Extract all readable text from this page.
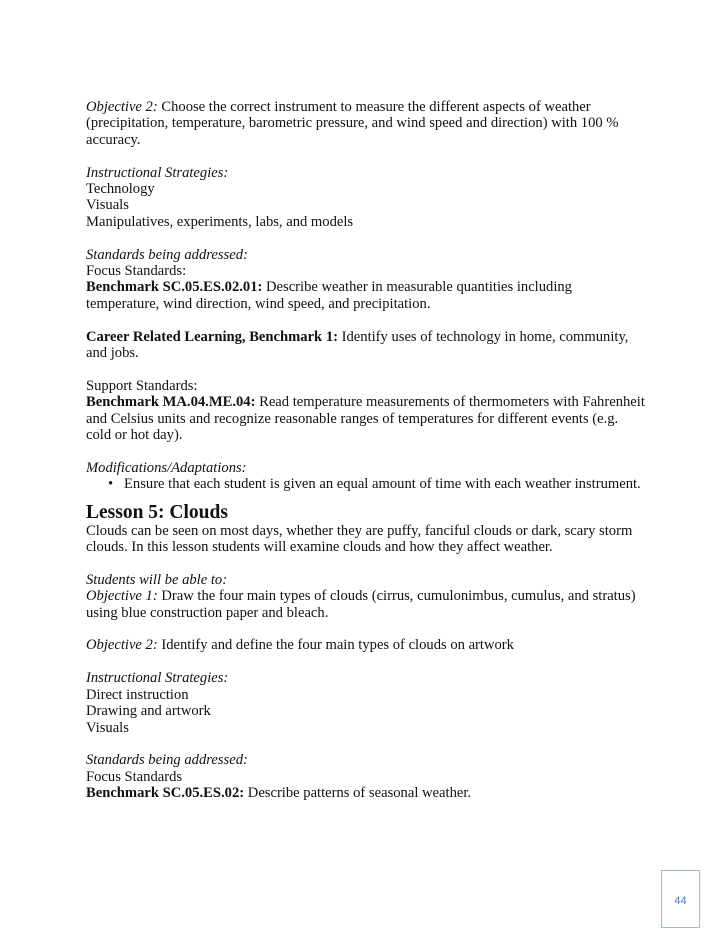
Objective 2: Choose the correct instrument to measure the different aspects of weather (precipitation, temperature, barometric pressure, and wind speed and direction) with 100 % accuracy.

Instructional Strategies:

Technology

Visuals

Manipulatives, experiments, labs, and models

Standards being addressed:

Focus Standards:

Benchmark SC.05.ES.02.01: Describe weather in measurable quantities including temperature, wind direction, wind speed, and precipitation.

Career Related Learning, Benchmark 1: Identify uses of technology in home, community, and jobs.

Support Standards:

Benchmark MA.04.ME.04: Read temperature measurements of thermometers with Fahrenheit and Celsius units and recognize reasonable ranges of temperatures for different events (e.g. cold or hot day).

Modifications/Adaptations:

• Ensure that each student is given an equal amount of time with each weather instrument.

Lesson 5: Clouds

Clouds can be seen on most days, whether they are puffy, fanciful clouds or dark, scary storm clouds. In this lesson students will examine clouds and how they affect weather.

Students will be able to:

Objective 1: Draw the four main types of clouds (cirrus, cumulonimbus, cumulus, and stratus) using blue construction paper and bleach.

Objective 2: Identify and define the four main types of clouds on artwork

Instructional Strategies:

Direct instruction

Drawing and artwork

Visuals

Standards being addressed:

Focus Standards

Benchmark SC.05.ES.02: Describe patterns of seasonal weather.

44
